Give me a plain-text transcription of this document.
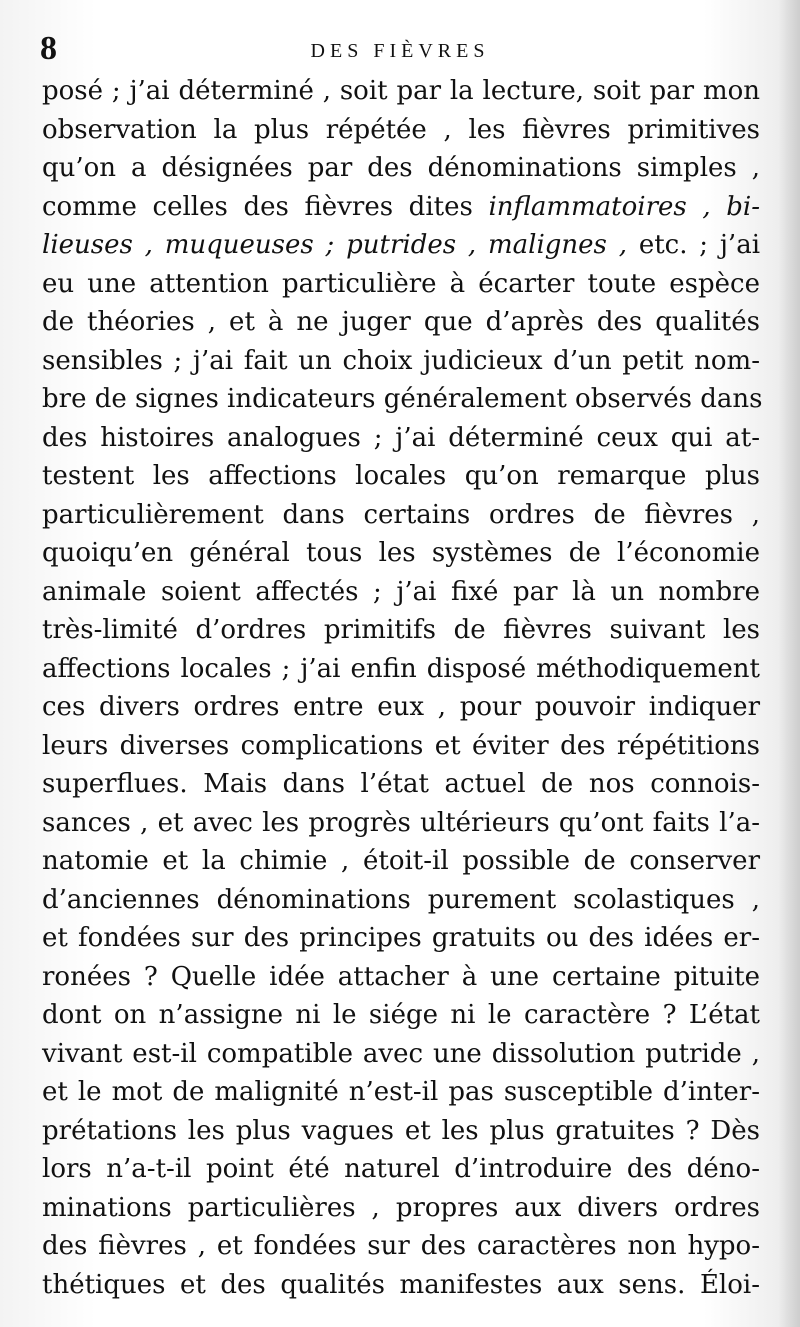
8	DES FIÈVRES
posé ; j’ai déterminé , soit par la lecture, soit par mon
observation la plus répétée , les fièvres primitives
qu’on a désignées par des dénominations simples ,
comme celles des fièvres dites inflammatoires , bi-
lieuses , muqueuses ; putrides , malignes , etc. ; j’ai
eu une attention particulière à écarter toute espèce
de théories , et à ne juger que d’après des qualités
sensibles ; j’ai fait un choix judicieux d’un petit nom-
bre de signes indicateurs généralement observés dans
des histoires analogues ; j’ai déterminé ceux qui at-
testent les affections locales qu’on remarque plus
particulièrement dans certains ordres de fièvres ,
quoiqu’en général tous les systèmes de l’économie
animale soient affectés ; j’ai fixé par là un nombre
très-limité d’ordres primitifs de fièvres suivant les
affections locales ; j’ai enfin disposé méthodiquement
ces divers ordres entre eux , pour pouvoir indiquer
leurs diverses complications et éviter des répétitions
superflues. Mais dans l’état actuel de nos connois-
sances , et avec les progrès ultérieurs qu’ont faits l’a-
natomie et la chimie , étoit-il possible de conserver
d’anciennes dénominations purement scolastiques ,
et fondées sur des principes gratuits ou des idées er-
ronées ? Quelle idée attacher à une certaine pituite
dont on n’assigne ni le siége ni le caractère ? L’état
vivant est-il compatible avec une dissolution putride ,
et le mot de malignité n’est-il pas susceptible d’inter-
prétations les plus vagues et les plus gratuites ? Dès
lors n’a-t-il point été naturel d’introduire des déno-
minations particulières , propres aux divers ordres
des fièvres , et fondées sur des caractères non hypo-
thétiques et des qualités manifestes aux sens. Éloi-
